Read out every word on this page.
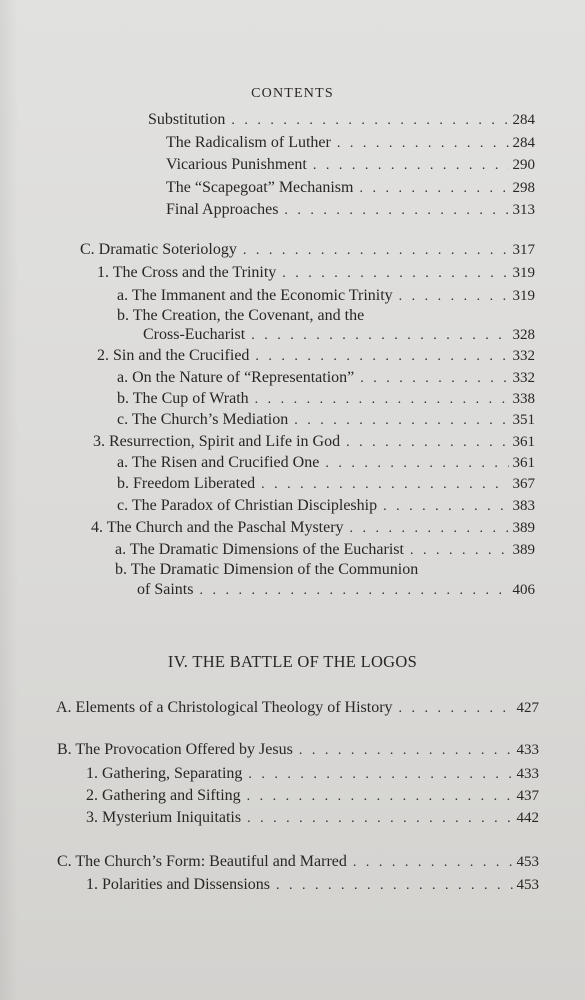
CONTENTS
Substitution . . .	284
The Radicalism of Luther . . .	284
Vicarious Punishment . . .	290
The “Scapegoat” Mechanism . . .	298
Final Approaches . . .	313
C. Dramatic Soteriology . . .	317
1. The Cross and the Trinity . . .	319
a. The Immanent and the Economic Trinity . . .	319
b. The Creation, the Covenant, and the
Cross-Eucharist . . .	328
2. Sin and the Crucified . . .	332
a. On the Nature of “Representation” . . .	332
b. The Cup of Wrath . . .	338
c. The Church’s Mediation . . .	351
3. Resurrection, Spirit and Life in God . . .	361
a. The Risen and Crucified One . . .	361
b. Freedom Liberated . . .	367
c. The Paradox of Christian Discipleship . . .	383
4. The Church and the Paschal Mystery . . .	389
a. The Dramatic Dimensions of the Eucharist . . .	389
b. The Dramatic Dimension of the Communion
of Saints . . .	406
IV. THE BATTLE OF THE LOGOS
A. Elements of a Christological Theology of History . . .	427
B. The Provocation Offered by Jesus . . .	433
1. Gathering, Separating . . .	433
2. Gathering and Sifting . . .	437
3. Mysterium Iniquitatis . . .	442
C. The Church’s Form: Beautiful and Marred . . .	453
1. Polarities and Dissensions . . .	453
